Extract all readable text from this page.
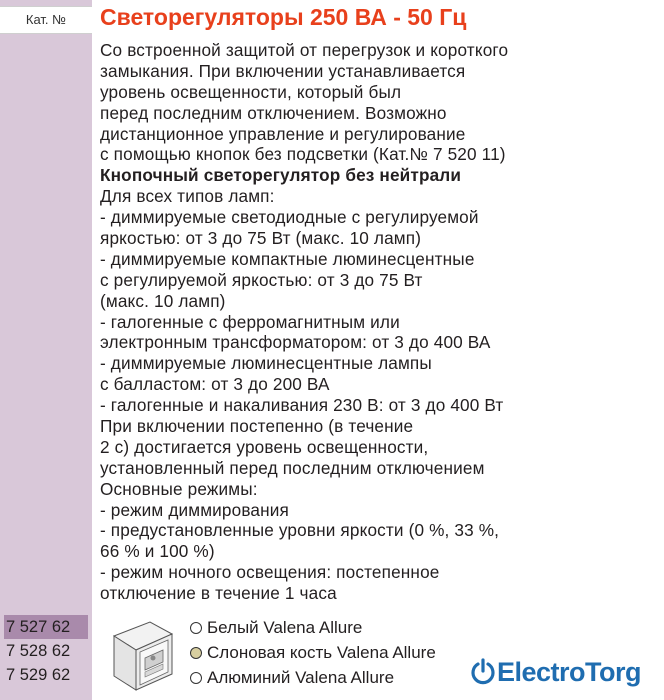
Кат. №
7 527 62
7 528 62
7 529 62
Светорегуляторы 250 ВА - 50 Гц
Со встроенной защитой от перегрузок и короткого
замыкания. При включении устанавливается
уровень освещенности, который был
перед последним отключением. Возможно
дистанционное управление и регулирование
с помощью кнопок без подсветки (Кат.№ 7 520 11)
Кнопочный светорегулятор без нейтрали
Для всех типов ламп:
- диммируемые светодиодные с регулируемой
яркостью: от 3 до 75 Вт (макс. 10 ламп)
- диммируемые компактные люминесцентные
с регулируемой яркостью: от 3 до 75 Вт
(макс. 10 ламп)
- галогенные с ферромагнитным или
электронным трансформатором: от 3 до 400 ВА
- диммируемые люминесцентные лампы
с балластом: от 3 до 200 ВА
- галогенные и накаливания 230 В: от 3 до 400 Вт
При включении постепенно (в течение
2 с) достигается уровень освещенности,
установленный перед последним отключением
Основные режимы:
- режим диммирования
- предустановленные уровни яркости (0 %, 33 %,
66 % и 100 %)
- режим ночного освещения: постепенное
отключение в течение 1 часа
Белый Valena Allure
Слоновая кость Valena Allure
Алюминий Valena Allure	ElectroTorg
